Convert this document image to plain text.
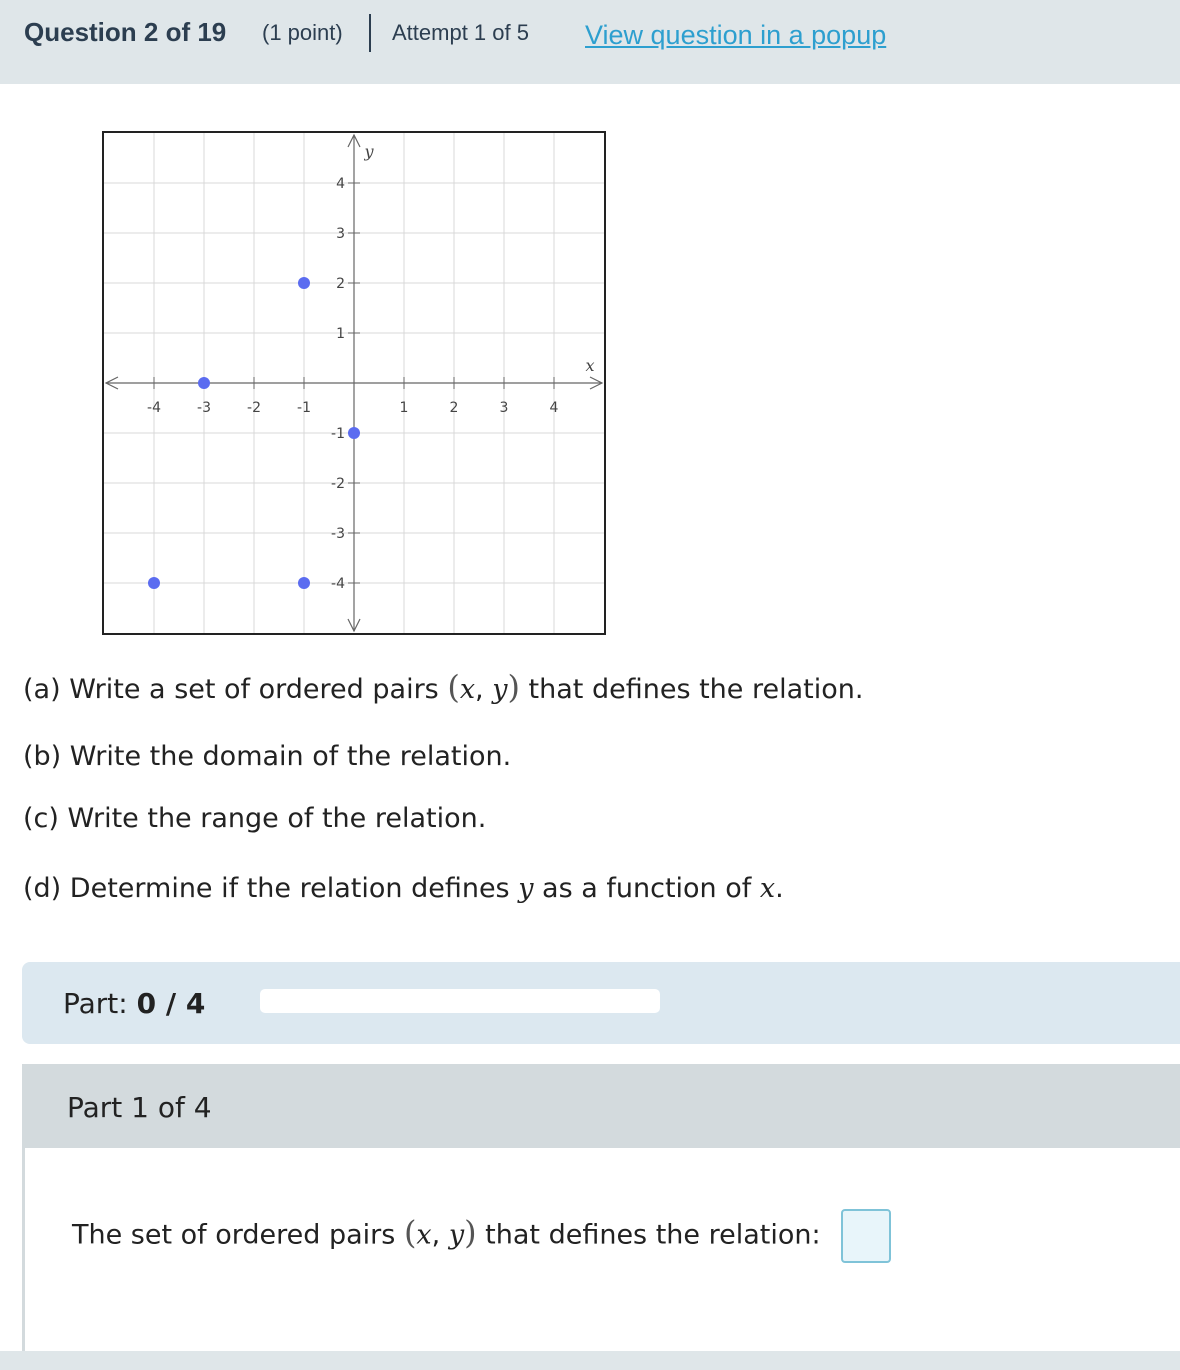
Question 2 of 19 (1 point) Attempt 1 of 5 View question in a popup
-4	-3	-2	-1	1	2	3	4
-4
-3
-2
-1
1
2
3
4
x
y
(a) Write a set of ordered pairs (x, y) that defines the relation.
(b) Write the domain of the relation.
(c) Write the range of the relation.
(d) Determine if the relation defines y as a function of x.
Part: 0 / 4
Part 1 of 4
The set of ordered pairs (x, y) that defines the relation:
